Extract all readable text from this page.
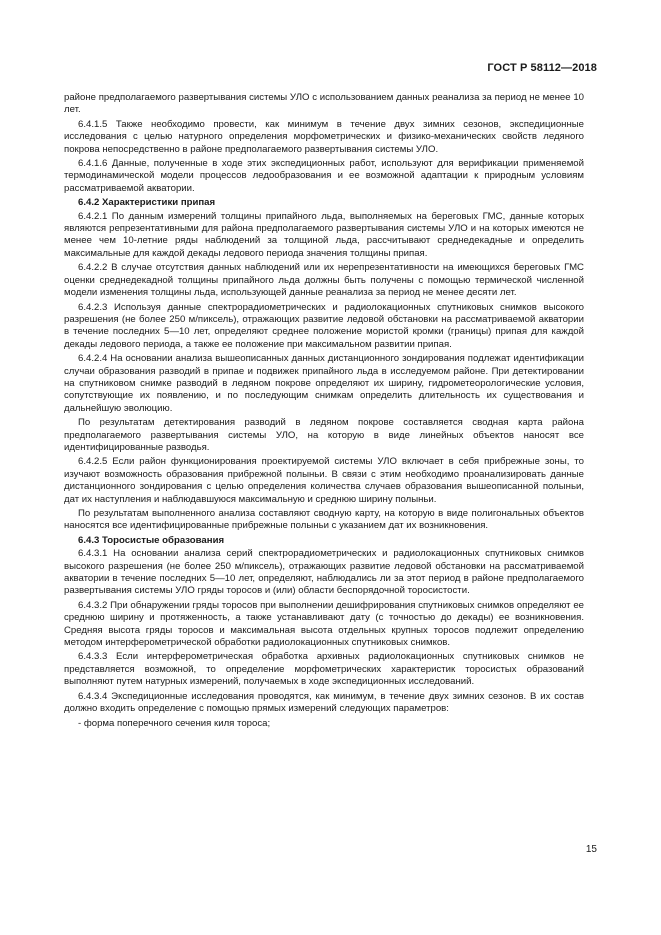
ГОСТ Р 58112—2018

районе предполагаемого развертывания системы УЛО с использованием данных реанализа за период не менее 10 лет.

6.4.1.5 Также необходимо провести, как минимум в течение двух зимних сезонов, экспедиционные исследования с целью натурного определения морфометрических и физико-механических свойств ледяного покрова непосредственно в районе предполагаемого развертывания системы УЛО.

6.4.1.6 Данные, полученные в ходе этих экспедиционных работ, используют для верификации применяемой термодинамической модели процессов ледообразования и ее возможной адаптации к природным условиям рассматриваемой акватории.

6.4.2 Характеристики припая

6.4.2.1 По данным измерений толщины припайного льда, выполняемых на береговых ГМС, данные которых являются репрезентативными для района предполагаемого развертывания системы УЛО и на которых имеются не менее чем 10-летние ряды наблюдений за толщиной льда, рассчитывают среднедекадные и определить максимальные для каждой декады ледового периода значения толщины припая.

6.4.2.2 В случае отсутствия данных наблюдений или их нерепрезентативности на имеющихся береговых ГМС оценки среднедекадной толщины припайного льда должны быть получены с помощью термической численной модели изменения толщины льда, использующей данные реанализа за период не менее десяти лет.

6.4.2.3 Используя данные спектрорадиометрических и радиолокационных спутниковых снимков высокого разрешения (не более 250 м/пиксель), отражающих развитие ледовой обстановки на рассматриваемой акватории в течение последних 5—10 лет, определяют среднее положение мористой кромки (границы) припая для каждой декады ледового периода, а также ее положение при максимальном развитии припая.

6.4.2.4 На основании анализа вышеописанных данных дистанционного зондирования подлежат идентификации случаи образования разводий в припае и подвижек припайного льда в исследуемом районе. При детектировании на спутниковом снимке разводий в ледяном покрове определяют их ширину, гидрометеорологические условия, сопутствующие их появлению, и по последующим снимкам определить длительность их существования и дальнейшую эволюцию.

По результатам детектирования разводий в ледяном покрове составляется сводная карта района предполагаемого развертывания системы УЛО, на которую в виде линейных объектов наносят все идентифицированные разводья.

6.4.2.5 Если район функционирования проектируемой системы УЛО включает в себя прибрежные зоны, то изучают возможность образования прибрежной полыньи. В связи с этим необходимо проанализировать данные дистанционного зондирования с целью определения количества случаев образования вышеописанной полыньи, дат их наступления и наблюдавшуюся максимальную и среднюю ширину полыньи.

По результатам выполненного анализа составляют сводную карту, на которую в виде полигональных объектов наносятся все идентифицированные прибрежные полыньи с указанием дат их возникновения.

6.4.3 Торосистые образования

6.4.3.1 На основании анализа серий спектрорадиометрических и радиолокационных спутниковых снимков высокого разрешения (не более 250 м/пиксель), отражающих развитие ледовой обстановки на рассматриваемой акватории в течение последних 5—10 лет, определяют, наблюдались ли за этот период в районе предполагаемого развертывания системы УЛО гряды торосов и (или) области беспорядочной торосистости.

6.4.3.2 При обнаружении гряды торосов при выполнении дешифрирования спутниковых снимков определяют ее среднюю ширину и протяженность, а также устанавливают дату (с точностью до декады) ее возникновения. Средняя высота гряды торосов и максимальная высота отдельных крупных торосов подлежит определению методом интерферометрической обработки радиолокационных спутниковых снимков.

6.4.3.3 Если интерферометрическая обработка архивных радиолокационных спутниковых снимков не представляется возможной, то определение морфометрических характеристик торосистых образований выполняют путем натурных измерений, получаемых в ходе экспедиционных исследований.

6.4.3.4 Экспедиционные исследования проводятся, как минимум, в течение двух зимних сезонов. В их состав должно входить определение с помощью прямых измерений следующих параметров:

- форма поперечного сечения киля тороса;

15
